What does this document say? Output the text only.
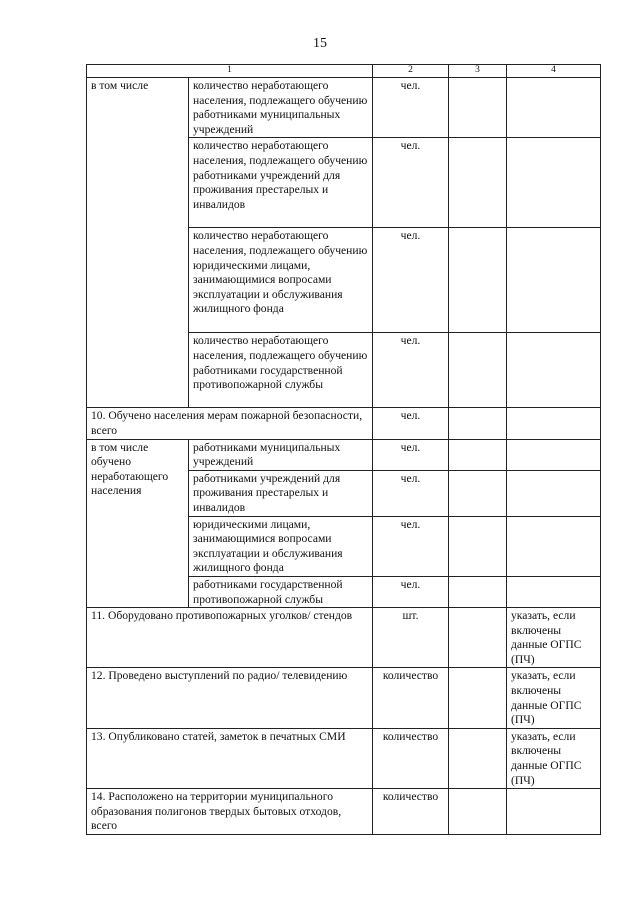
15
1		2	3	4
в том числе	количество неработающего населения, подлежащего обучению работниками муниципальных учреждений	чел.		
	количество неработающего населения, подлежащего обучению работниками учреждений для проживания престарелых и инвалидов	чел.		
	количество неработающего населения, подлежащего обучению юридическими лицами, занимающимися вопросами эксплуатации и обслуживания жилищного фонда	чел.		
	количество неработающего населения, подлежащего обучению работниками государственной противопожарной службы	чел.		
10. Обучено населения мерам пожарной безопасности, всего		чел.		
в том числе обучено неработающего населения	работниками муниципальных учреждений	чел.		
	работниками учреждений для проживания престарелых и инвалидов	чел.		
	юридическими лицами, занимающимися вопросами эксплуатации и обслуживания жилищного фонда	чел.		
	работниками государственной противопожарной службы	чел.		
11. Оборудовано противопожарных уголков/ стендов		шт.		указать, если включены данные ОГПС (ПЧ)
12. Проведено выступлений по радио/ телевидению		количество		указать, если включены данные ОГПС (ПЧ)
13. Опубликовано статей, заметок в печатных СМИ		количество		указать, если включены данные ОГПС (ПЧ)
14. Расположено на территории муниципального образования полигонов твердых бытовых отходов, всего		количество		
